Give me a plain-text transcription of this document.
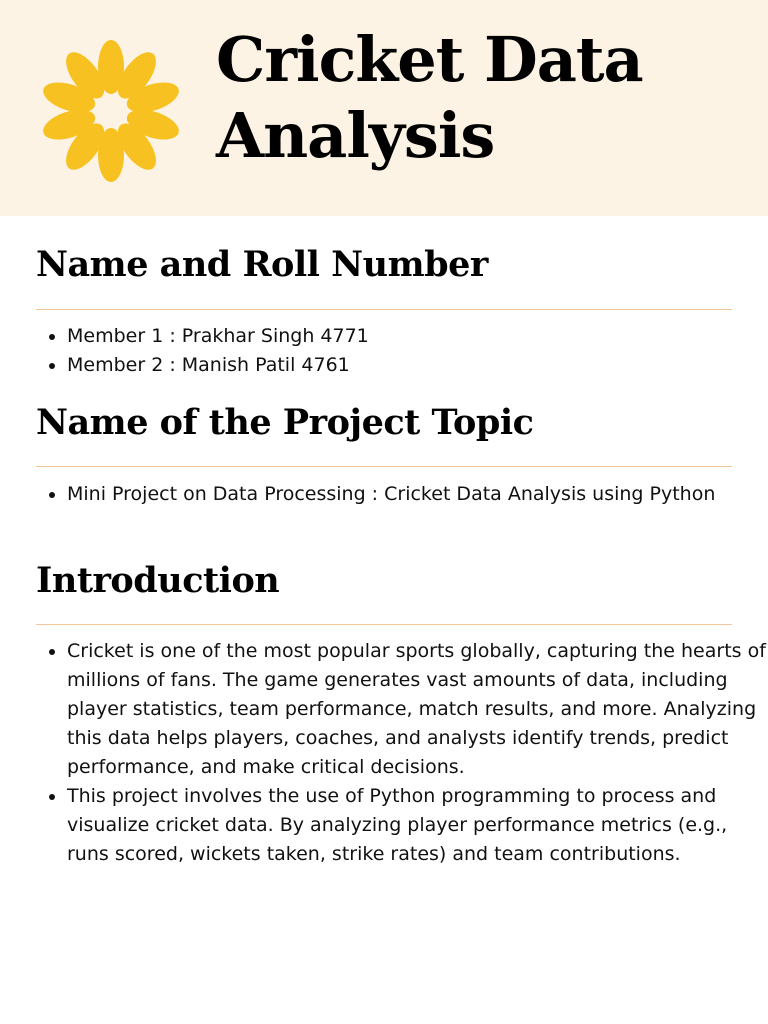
Cricket Data Analysis
Name and Roll Number
• Member 1 : Prakhar Singh 4771
• Member 2 : Manish Patil 4761
Name of the Project Topic
• Mini Project on Data Processing : Cricket Data Analysis using Python
Introduction
• Cricket is one of the most popular sports globally, capturing the hearts of millions of fans. The game generates vast amounts of data, including player statistics, team performance, match results, and more. Analyzing this data helps players, coaches, and analysts identify trends, predict performance, and make critical decisions.
• This project involves the use of Python programming to process and visualize cricket data. By analyzing player performance metrics (e.g., runs scored, wickets taken, strike rates) and team contributions.
